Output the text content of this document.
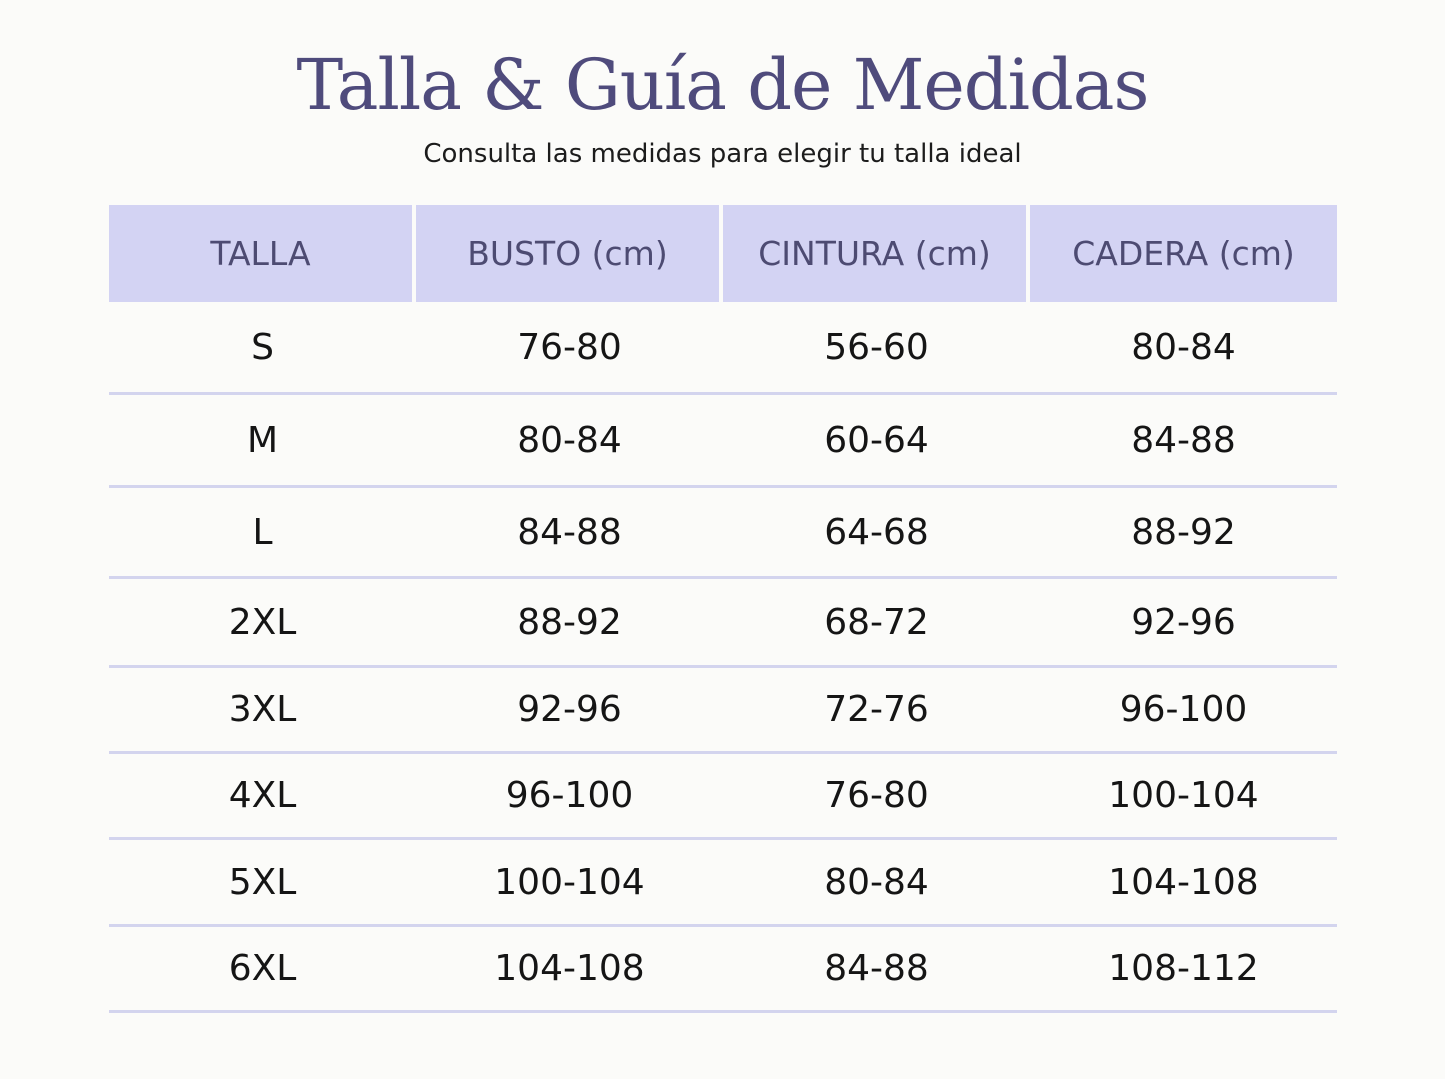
Talla & Guía de Medidas

Consulta las medidas para elegir tu talla ideal

TALLA	BUSTO (cm)	CINTURA (cm)	CADERA (cm)
S	76-80	56-60	80-84
M	80-84	60-64	84-88
L	84-88	64-68	88-92
2XL	88-92	68-72	92-96
3XL	92-96	72-76	96-100
4XL	96-100	76-80	100-104
5XL	100-104	80-84	104-108
6XL	104-108	84-88	108-112
